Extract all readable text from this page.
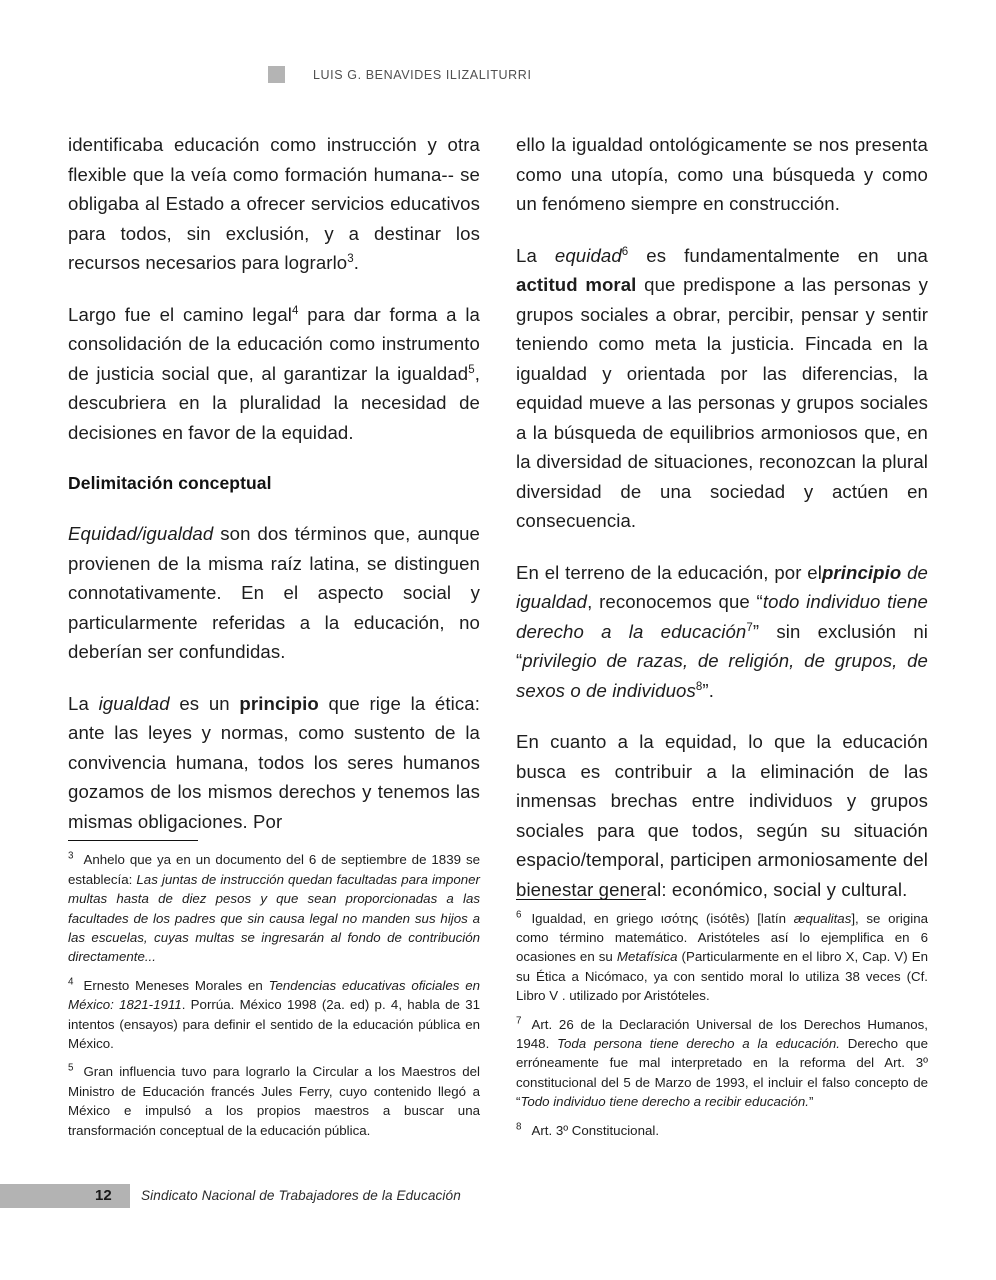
LUIS G. BENAVIDES ILIZALITURRI

identificaba educación como instrucción y otra flexible que la veía como formación humana-- se obligaba al Estado a ofrecer servicios educativos para todos, sin exclusión, y a destinar los recursos necesarios para lograrlo$^3$.

Largo fue el camino legal$^4$ para dar forma a la consolidación de la educación como instrumento de justicia social que, al garantizar la igualdad$^5$, descubriera en la pluralidad la necesidad de decisiones en favor de la equidad.

Delimitación conceptual

Equidad/igualdad son dos términos que, aunque provienen de la misma raíz latina, se distinguen connotativamente. En el aspecto social y particularmente referidas a la educación, no deberían ser confundidas.

La igualdad es un principio que rige la ética: ante las leyes y normas, como sustento de la convivencia humana, todos los seres humanos gozamos de los mismos derechos y tenemos las mismas obligaciones. Por

$^3$ Anhelo que ya en un documento del 6 de septiembre de 1839 se establecía: Las juntas de instrucción quedan facultadas para imponer multas hasta de diez pesos y que sean proporcionadas a las facultades de los padres que sin causa legal no manden sus hijos a las escuelas, cuyas multas se ingresarán al fondo de contribución directamente...

$^4$ Ernesto Meneses Morales en Tendencias educativas oficiales en México: 1821-1911. Porrúa. México 1998 (2a. ed) p. 4, habla de 31 intentos (ensayos) para definir el sentido de la educación pública en México.

$^5$ Gran influencia tuvo para lograrlo la Circular a los Maestros del Ministro de Educación francés Jules Ferry, cuyo contenido llegó a México e impulsó a los propios maestros a buscar una transformación conceptual de la educación pública.

ello la igualdad ontológicamente se nos presenta como una utopía, como una búsqueda y como un fenómeno siempre en construcción.

La equidad$^6$ es fundamentalmente en una actitud moral que predispone a las personas y grupos sociales a obrar, percibir, pensar y sentir teniendo como meta la justicia. Fincada en la igualdad y orientada por las diferencias, la equidad mueve a las personas y grupos sociales a la búsqueda de equilibrios armoniosos que, en la diversidad de situaciones, reconozcan la plural diversidad de una sociedad y actúen en consecuencia.

En el terreno de la educación, por elprincipio de igualdad, reconocemos que “todo individuo tiene derecho a la educación$^7$” sin exclusión ni “privilegio de razas, de religión, de grupos, de sexos o de individuos$^8$”.

En cuanto a la equidad, lo que la educación busca es contribuir a la eliminación de las inmensas brechas entre individuos y grupos sociales para que todos, según su situación espacio/temporal, participen armoniosamente del bienestar general: económico, social y cultural.

$^6$ Igualdad, en griego ισότης (isótês) [latín æqualitas], se origina como término matemático. Aristóteles así lo ejemplifica en 6 ocasiones en su Metafísica (Particularmente en el libro X, Cap. V) En su Ética a Nicómaco, ya con sentido moral lo utiliza 38 veces (Cf. Libro V . utilizado por Aristóteles.

$^7$ Art. 26 de la Declaración Universal de los Derechos Humanos, 1948. Toda persona tiene derecho a la educación. Derecho que erróneamente fue mal interpretado en la reforma del Art. 3º constitucional del 5 de Marzo de 1993, el incluir el falso concepto de “Todo individuo tiene derecho a recibir educación.”

$^8$ Art. 3º Constitucional.

12 Sindicato Nacional de Trabajadores de la Educación
